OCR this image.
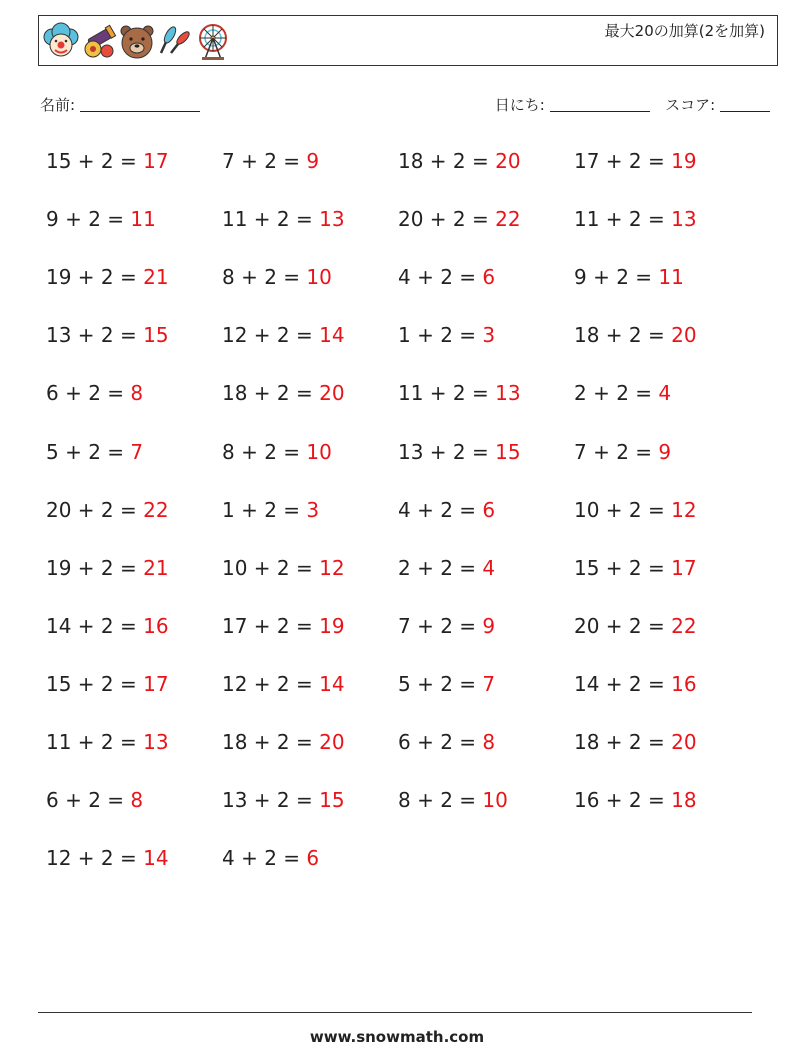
最大20の加算(2を加算)
名前:	日にち:	スコア:
15 + 2 = 17	7 + 2 = 9	18 + 2 = 20	17 + 2 = 19
9 + 2 = 11	11 + 2 = 13	20 + 2 = 22	11 + 2 = 13
19 + 2 = 21	8 + 2 = 10	4 + 2 = 6	9 + 2 = 11
13 + 2 = 15	12 + 2 = 14	1 + 2 = 3	18 + 2 = 20
6 + 2 = 8	18 + 2 = 20	11 + 2 = 13	2 + 2 = 4
5 + 2 = 7	8 + 2 = 10	13 + 2 = 15	7 + 2 = 9
20 + 2 = 22	1 + 2 = 3	4 + 2 = 6	10 + 2 = 12
19 + 2 = 21	10 + 2 = 12	2 + 2 = 4	15 + 2 = 17
14 + 2 = 16	17 + 2 = 19	7 + 2 = 9	20 + 2 = 22
15 + 2 = 17	12 + 2 = 14	5 + 2 = 7	14 + 2 = 16
11 + 2 = 13	18 + 2 = 20	6 + 2 = 8	18 + 2 = 20
6 + 2 = 8	13 + 2 = 15	8 + 2 = 10	16 + 2 = 18
12 + 2 = 14	4 + 2 = 6
www.snowmath.com
